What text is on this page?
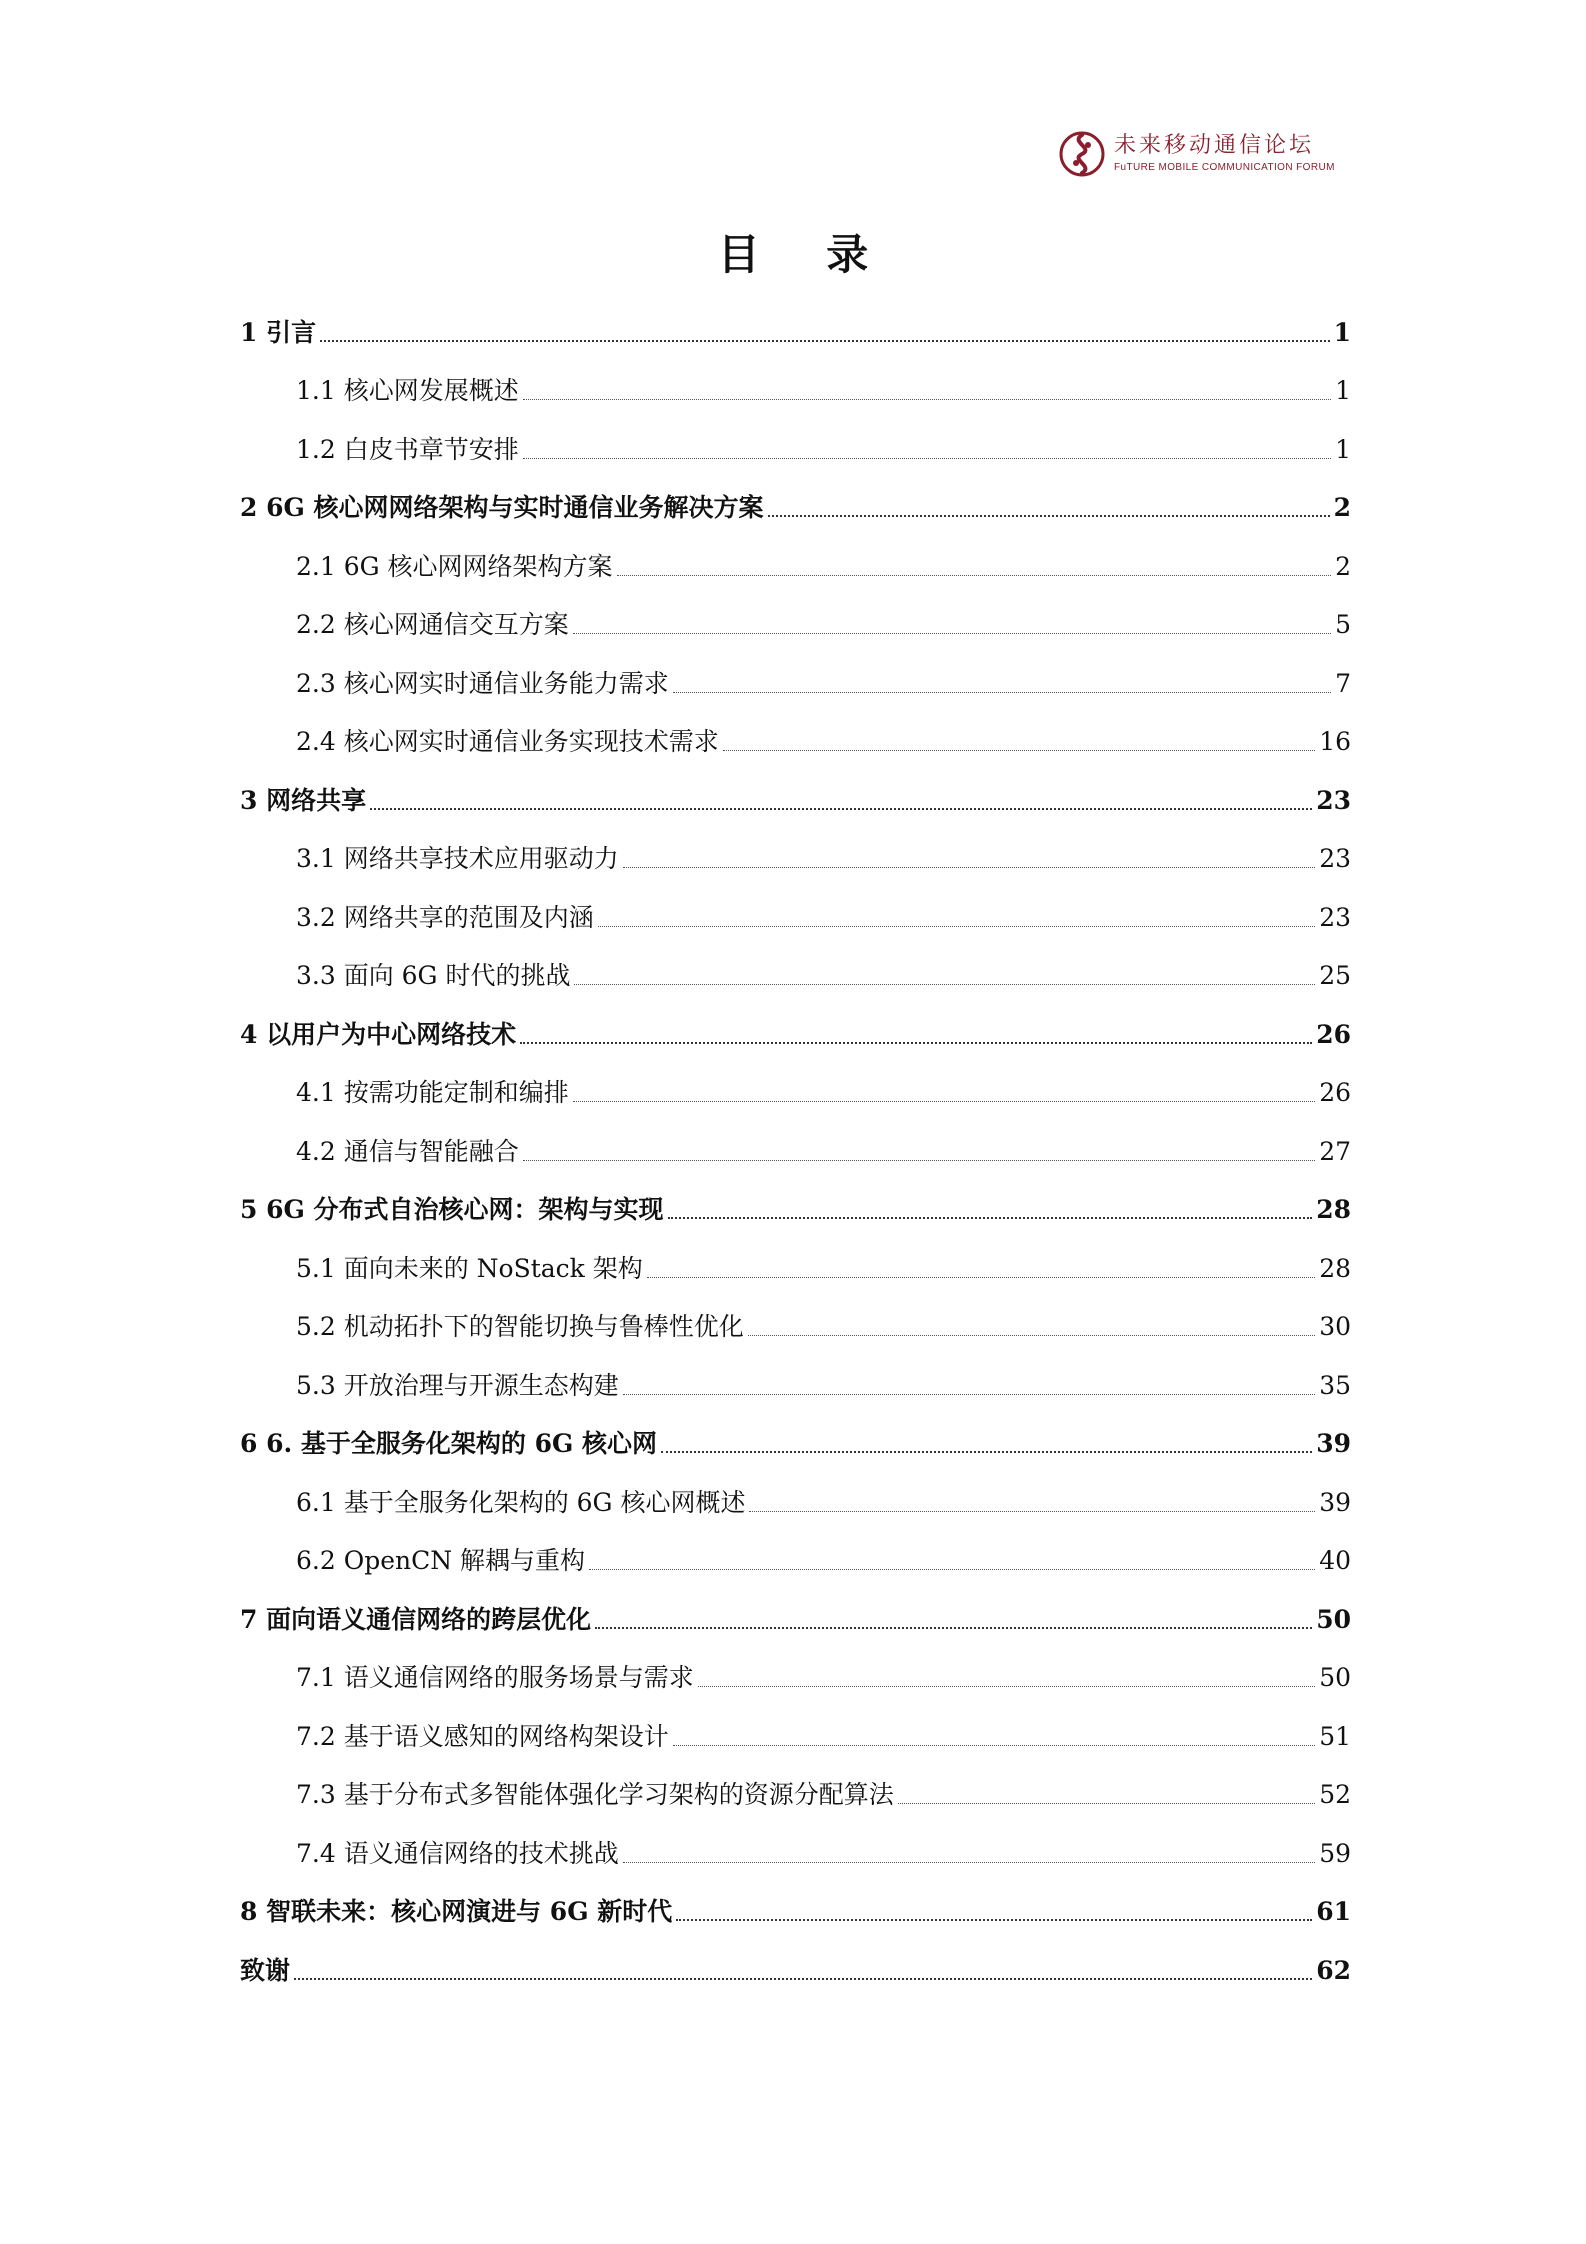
未来移动通信论坛
FuTURE MOBILE COMMUNICATION FORUM
目 录
1 引言	1
1.1 核心网发展概述	1
1.2 白皮书章节安排	1
2 6G 核心网网络架构与实时通信业务解决方案	2
2.1 6G 核心网网络架构方案	2
2.2 核心网通信交互方案	5
2.3 核心网实时通信业务能力需求	7
2.4 核心网实时通信业务实现技术需求	16
3 网络共享	23
3.1 网络共享技术应用驱动力	23
3.2 网络共享的范围及内涵	23
3.3 面向 6G 时代的挑战	25
4 以用户为中心网络技术	26
4.1 按需功能定制和编排	26
4.2 通信与智能融合	27
5 6G 分布式自治核心网：架构与实现	28
5.1 面向未来的 NoStack 架构	28
5.2 机动拓扑下的智能切换与鲁棒性优化	30
5.3 开放治理与开源生态构建	35
6 6. 基于全服务化架构的 6G 核心网	39
6.1 基于全服务化架构的 6G 核心网概述	39
6.2 OpenCN 解耦与重构	40
7 面向语义通信网络的跨层优化	50
7.1 语义通信网络的服务场景与需求	50
7.2 基于语义感知的网络构架设计	51
7.3 基于分布式多智能体强化学习架构的资源分配算法	52
7.4 语义通信网络的技术挑战	59
8 智联未来：核心网演进与 6G 新时代	61
致谢	62
